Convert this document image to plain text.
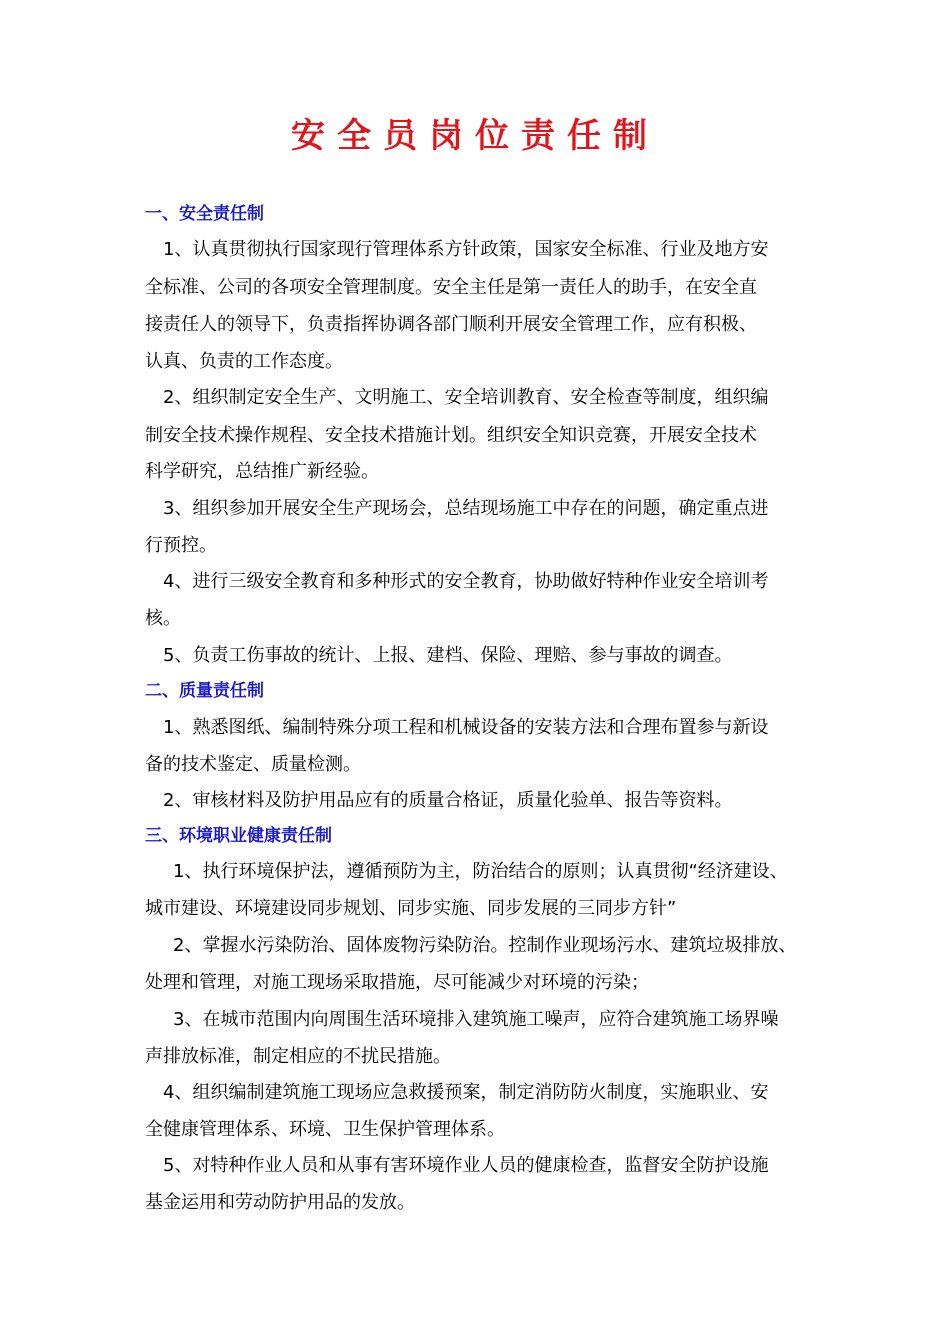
安全员岗位责任制
一、安全责任制
1、认真贯彻执行国家现行管理体系方针政策，国家安全标准、行业及地方安
全标准、公司的各项安全管理制度。安全主任是第一责任人的助手，在安全直
接责任人的领导下，负责指挥协调各部门顺利开展安全管理工作，应有积极、
认真、负责的工作态度。
2、组织制定安全生产、文明施工、安全培训教育、安全检查等制度，组织编
制安全技术操作规程、安全技术措施计划。组织安全知识竞赛，开展安全技术
科学研究，总结推广新经验。
3、组织参加开展安全生产现场会，总结现场施工中存在的问题，确定重点进
行预控。
4、进行三级安全教育和多种形式的安全教育，协助做好特种作业安全培训考
核。
5、负责工伤事故的统计、上报、建档、保险、理赔、参与事故的调查。
二、质量责任制
1、熟悉图纸、编制特殊分项工程和机械设备的安装方法和合理布置参与新设
备的技术鉴定、质量检测。
2、审核材料及防护用品应有的质量合格证，质量化验单、报告等资料。
三、环境职业健康责任制
1、执行环境保护法，遵循预防为主，防治结合的原则；认真贯彻“经济建设、
城市建设、环境建设同步规划、同步实施、同步发展的三同步方针”
2、掌握水污染防治、固体废物污染防治。控制作业现场污水、建筑垃圾排放、
处理和管理，对施工现场采取措施，尽可能减少对环境的污染；
3、在城市范围内向周围生活环境排入建筑施工噪声，应符合建筑施工场界噪
声排放标准，制定相应的不扰民措施。
4、组织编制建筑施工现场应急救援预案，制定消防防火制度，实施职业、安
全健康管理体系、环境、卫生保护管理体系。
5、对特种作业人员和从事有害环境作业人员的健康检查，监督安全防护设施
基金运用和劳动防护用品的发放。
